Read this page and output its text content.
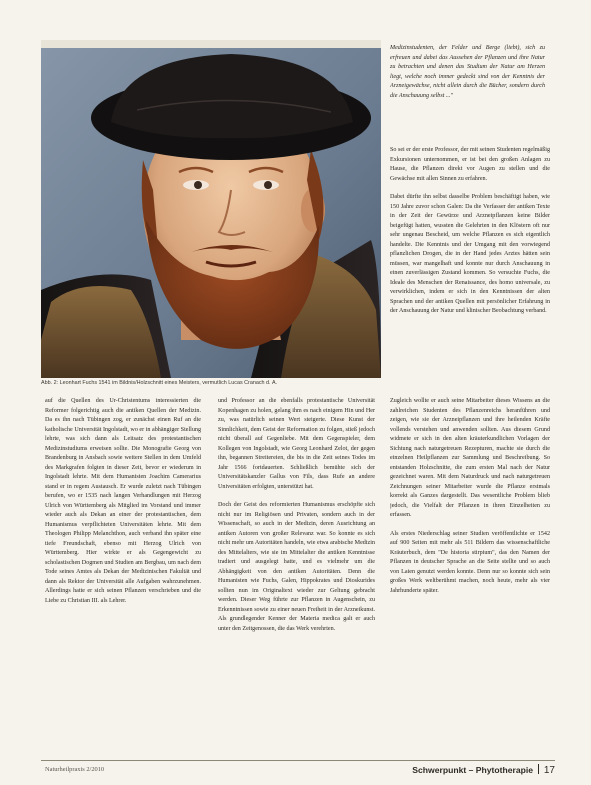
Abb. 2: Leonhart Fuchs 1541 im Bildnis/Holzschnitt eines Meisters, vermutlich Lucas Cranach d. Ä.
Medizinstudenten, der Felder und Berge (liebt), sich zu erfreuen und dabei das Aussehen der Pflanzen und ihre Natur zu betrachten und denen das Studium der Natur am Herzen liegt, welche noch immer gedeckt sind von der Kenntnis der Arzneigewächse, nicht allein durch die Bücher, sondern durch die Anschauung selbst ..."

So sei er der erste Professor, der mit seinen Studenten regelmäßig Exkursionen unternommen, er ist bei den großen Anlagen zu Hause, die Pflanzen direkt vor Augen zu stellen und die Gewächse mit allen Sinnen zu erfahren.

Dabei dürfte ihn selbst dasselbe Problem beschäftigt haben, wie 150 Jahre zuvor schon Galen: Da die Verfasser der antiken Texte in der Zeit der Gewürze und Arzneipflanzen keine Bilder beigefügt hatten, wussten die Gelehrten in den Klöstern oft nur sehr ungenau Bescheid, um welche Pflanzen es sich eigentlich handelte. Die Kenntnis und der Umgang mit den vorwiegend pflanzlichen Drogen, die in der Hand jedes Arztes hätten sein müssen, war mangelhaft und konnte nur durch Anschauung in einen zuverlässigen Zustand kommen. So versuchte Fuchs, die Ideale des Menschen der Renaissance, des homo universale, zu verwirklichen, indem er sich in den Kenntnissen der alten Sprachen und der antiken Quellen mit persönlicher Erfahrung in der Anschauung der Natur und klinischer Beobachtung verband.

auf die Quellen des Ur-Christentums interessierten die Reformer folgerichtig auch die antiken Quellen der Medizin. Da es ihn nach Tübingen zog, er zunächst einen Ruf an die katholische Universität Ingolstadt, wo er in abhängiger Stellung lehrte, was sich dann als Leitsatz des protestantischen Medizinstudiums erweisen sollte. Die Monografie Georg von Brandenburg in Ansbach sowie weitere Stellen in dem Umfeld des Markgrafen folgten in dieser Zeit, bevor er wiederum in Ingolstadt lehrte. Mit dem Humanisten Joachim Camerarius stand er in regem Austausch. Er wurde zuletzt nach Tübingen berufen, wo er 1535 nach langen Verhandlungen mit Herzog Ulrich von Württemberg als Mitglied im Vorstand und immer wieder auch als Dekan an einer der protestantischen, dem Humanismus verpflichteten Universitäten lehrte. Mit dem Theologen Philipp Melanchthon, auch verband ihn später eine tiefe Freundschaft, ebenso mit Herzog Ulrich von Württemberg. Hier wirkte er als Gegengewicht zu scholastischen Dogmen und Studien am Bergbau, um nach dem Tode seines Amtes als Dekan der Medizinischen Fakultät und dann als Rektor der Universität alle Aufgaben wahrzunehmen. Allerdings hatte er sich seinen Pflanzen verschrieben und die Liebe zu Christian III. als Lehrer.

und Professor an die ebenfalls protestantische Universität Kopenhagen zu holen, gelang ihm es nach einigem Hin und Her zu, was natürlich seinen Wert steigerte. Diese Kunst der Sinnlichkeit, dem Geist der Reformation zu folgen, stieß jedoch nicht überall auf Gegenliebe. Mit dem Gegenspieler, dem Kollegen von Ingolstadt, wie Georg Leonhard Zelot, der gegen ihn, begannen Streitereien, die bis in die Zeit seines Todes im Jahr 1566 fortdauerten. Schließlich bemühte sich der Universitätskanzler Gallus von Fils, dass Rufe an andere Universitäten erfolgten, unterstützt hat.

Doch der Geist des reformierten Humanismus erschöpfte sich nicht nur im Religiösen und Privaten, sondern auch in der Wissenschaft, so auch in der Medizin, deren Ausrichtung an antiken Autoren von großer Relevanz war. So konnte es sich nicht mehr um Autoritäten handeln, wie etwa arabische Medizin des Mittelalters, wie sie im Mittelalter die antiken Kenntnisse tradiert und ausgelegt hatte, und es vielmehr um die Abhängigkeit von den antiken Autoritäten. Denn die Humanisten wie Fuchs, Galen, Hippokrates und Dioskurides sollten nun im Originaltext wieder zur Geltung gebracht werden. Dieser Weg führte zur Pflanzen in Augenschein, zu Erkenntnissen sowie zu einer neuen Freiheit in der Arzneikunst. Als grundlegender Kenner der Materia medica galt er auch unter den Zeitgenossen, die das Werk verehrten.

Zugleich wollte er auch seine Mitarbeiter dieses Wissens an die zahlreichen Studenten des Pflanzenreichs heranführen und zeigen, wie sie der Arzneipflanzen und ihre heilenden Kräfte vollends verstehen und anwenden sollten. Aus diesem Grund widmete er sich in den alten kräuterkundlichen Vorlagen der Sichtung nach naturgetreuen Rezepturen, machte sie durch die einzelnen Heilpflanzen zur Sammlung und Beschreibung. So entstanden Holzschnitte, die zum ersten Mal nach der Natur gezeichnet waren. Mit dem Naturdruck und nach naturgetreuen Zeichnungen seiner Mitarbeiter wurde die Pflanze erstmals korrekt als Ganzes dargestellt. Das wesentliche Problem blieb jedoch, die Vielfalt der Pflanzen in ihren Einzelheiten zu erfassen.

Als erstes Niederschlag seiner Studien veröffentlichte er 1542 auf 900 Seiten mit mehr als 511 Bildern das wissenschaftliche Kräuterbuch, dem "De historia stirpium", das den Namen der Pflanzen in deutscher Sprache an die Seite stellte und so auch von Laien genutzt werden konnte. Denn nur so konnte sich sein großes Werk weltberühmt machen, noch heute, mehr als vier Jahrhunderte später.

Naturheilpraxis 2/2010	Schwerpunkt – Phytotherapie 17
